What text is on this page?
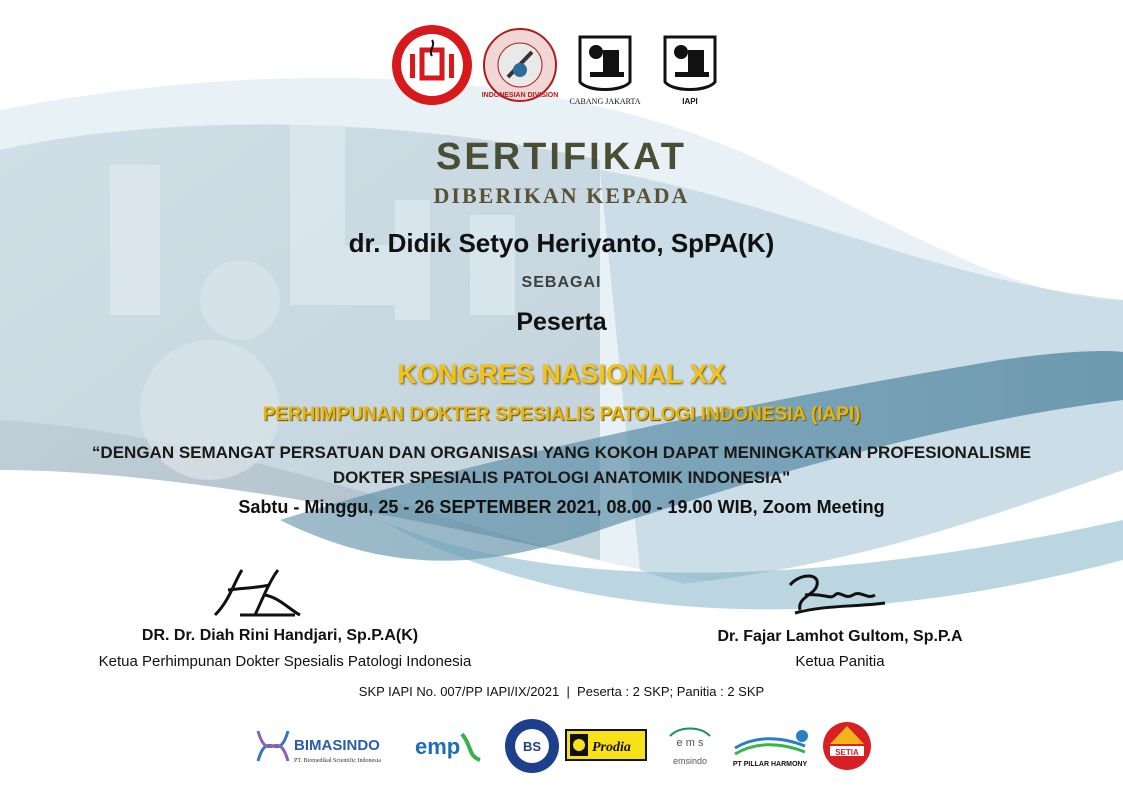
INDONESIAN DIVISION
CABANG JAKARTA	IAPI
SERTIFIKAT
DIBERIKAN KEPADA
dr. Didik Setyo Heriyanto, SpPA(K)
SEBAGAI
Peserta
KONGRES NASIONAL XX
PERHIMPUNAN DOKTER SPESIALIS PATOLOGI INDONESIA (IAPI)
“DENGAN SEMANGAT PERSATUAN DAN ORGANISASI YANG KOKOH DAPAT MENINGKATKAN PROFESIONALISME
DOKTER SPESIALIS PATOLOGI ANATOMIK INDONESIA"
Sabtu - Minggu, 25 - 26 SEPTEMBER 2021, 08.00 - 19.00 WIB, Zoom Meeting
DR. Dr. Diah Rini Handjari, Sp.P.A(K)
Ketua Perhimpunan Dokter Spesialis Patologi Indonesia
Dr. Fajar Lamhot Gultom, Sp.P.A
Ketua Panitia
SKP IAPI No. 007/PP IAPI/IX/2021  |  Peserta : 2 SKP; Panitia : 2 SKP
BIMASINDO
PT. Biomedikal Scientific Indonesia
emp	BS	Prodia	e m s
emsindo	PT PILLAR HARMONY
SETIA
